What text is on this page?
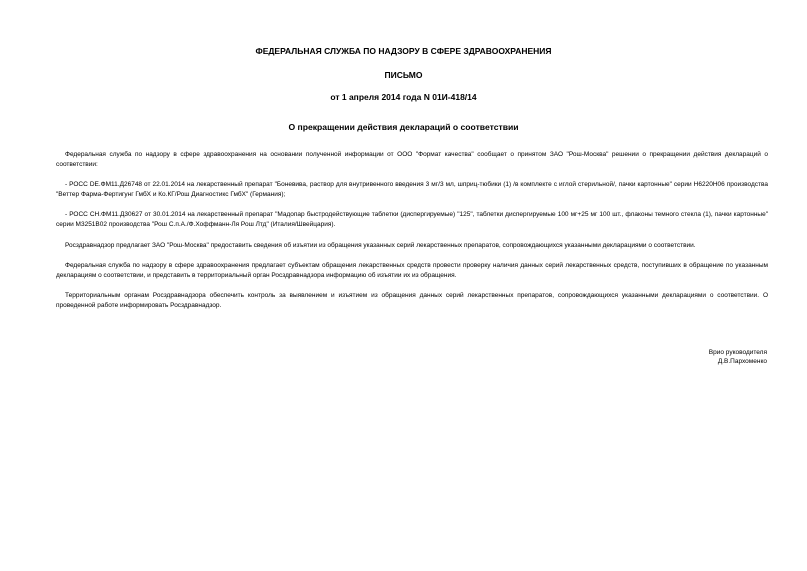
ФЕДЕРАЛЬНАЯ СЛУЖБА ПО НАДЗОРУ В СФЕРЕ ЗДРАВООХРАНЕНИЯ
ПИСЬМО
от 1 апреля 2014 года N 01И-418/14
О прекращении действия деклараций о соответствии

Федеральная служба по надзору в сфере здравоохранения на основании полученной информации от ООО "Формат качества" сообщает о принятом ЗАО "Рош-Москва" решении о прекращении действия деклараций о соответствии:

- РОСС DE.ФМ11.Д26748 от 22.01.2014 на лекарственный препарат "Боневива, раствор для внутривенного введения 3 мг/3 мл, шприц-тюбики (1) /в комплекте с иглой стерильной/, пачки картонные" серии Н6220Н06 производства "Веттер Фарма-Фертигунг ГмбХ и Ко.КГ/Рош Диагностикс ГмбХ" (Германия);

- РОСС CH.ФМ11.Д30627 от 30.01.2014 на лекарственный препарат "Мадопар быстродействующие таблетки (диспергируемые) "125", таблетки диспергируемые 100 мг+25 мг 100 шт., флаконы темного стекла (1), пачки картонные" серии М3251В02 производства "Рош С.п.А./Ф.Хоффманн-Ля Рош Лтд" (Италия/Швейцария).

Росздравнадзор предлагает ЗАО "Рош-Москва" предоставить сведения об изъятии из обращения указанных серий лекарственных препаратов, сопровождающихся указанными декларациями о соответствии.

Федеральная служба по надзору в сфере здравоохранения предлагает субъектам обращения лекарственных средств провести проверку наличия данных серий лекарственных средств, поступивших в обращение по указанным декларациям о соответствии, и представить в территориальный орган Росздравнадзора информацию об изъятии их из обращения.

Территориальным органам Росздравнадзора обеспечить контроль за выявлением и изъятием из обращения данных серий лекарственных препаратов, сопровождающихся указанными декларациями о соответствии. О проведенной работе информировать Росздравнадзор.

Врио руководителя
Д.В.Пархоменко
